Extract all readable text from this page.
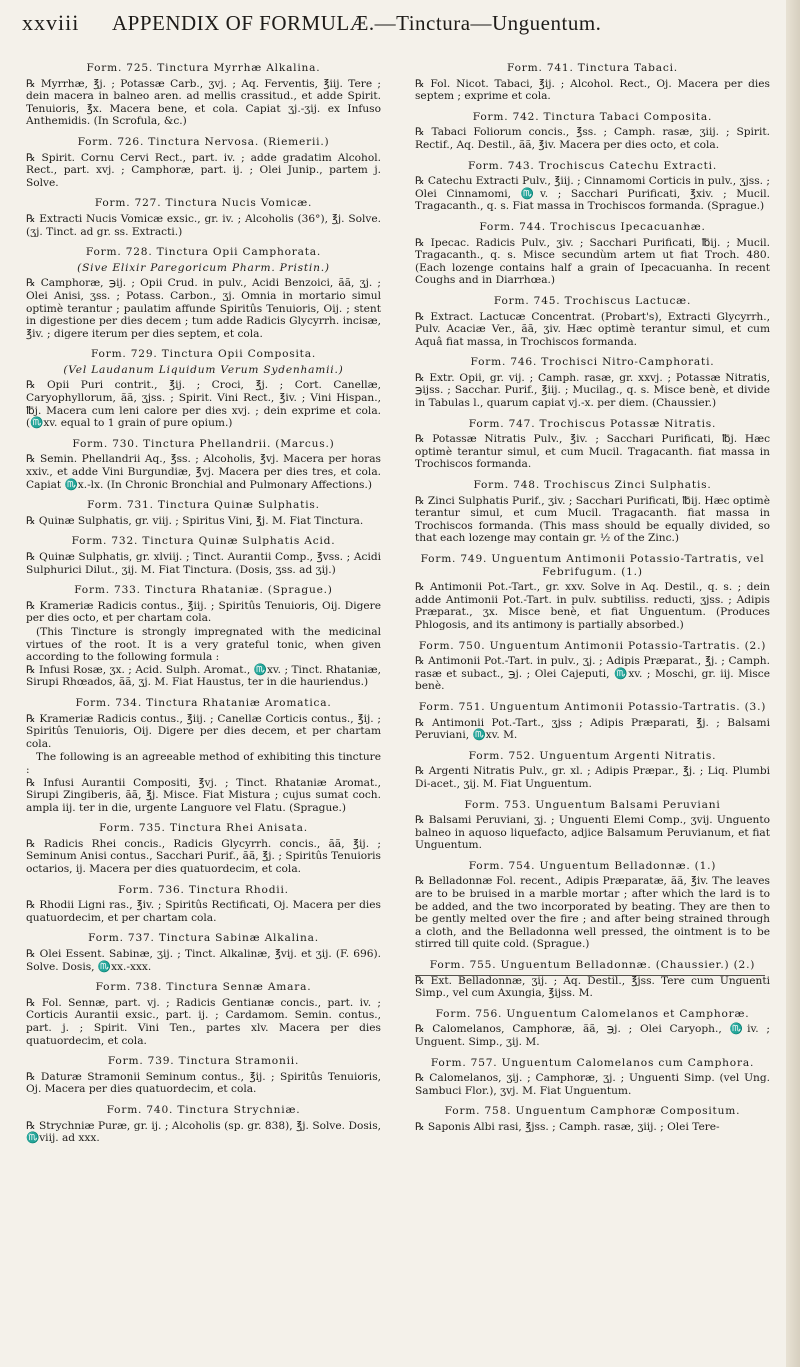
xxviii APPENDIX OF FORMULÆ.—Tinctura—Unguentum.
Form. 725. Tinctura Myrrhæ Alkalina.
℞ Myrrhæ, ℥j. ; Potassæ Carb., ʒvj. ; Aq. Ferventis, ℥iij. Tere ; dein macera in balneo aren. ad mellis crassitud., et adde Spirit. Tenuioris, ℥x. Macera bene, et cola. Capiat ʒj.-ʒij. ex Infuso Anthemidis. (In Scrofula, &c.)
Form. 726. Tinctura Nervosa. (Riemerii.)
℞ Spirit. Cornu Cervi Rect., part. iv. ; adde gradatim Alcohol. Rect., part. xvj. ; Camphoræ, part. ij. ; Olei Junip., partem j. Solve.
Form. 727. Tinctura Nucis Vomicæ.
℞ Extracti Nucis Vomicæ exsic., gr. iv. ; Alcoholis (36°), ℥j. Solve. (ʒj. Tinct. ad gr. ss. Extracti.)
Form. 728. Tinctura Opii Camphorata.
(Sive Elixir Paregoricum Pharm. Pristin.)
℞ Camphoræ, ℈ij. ; Opii Crud. in pulv., Acidi Benzoici, ãã, ʒj. ; Olei Anisi, ʒss. ; Potass. Carbon., ʒj. Omnia in mortario simul optimè terantur ; paulatim affunde Spiritûs Tenuioris, Oij. ; stent in digestione per dies decem ; tum adde Radicis Glycyrrh. incisæ, ℥iv. ; digere iterum per dies septem, et cola.
Form. 729. Tinctura Opii Composita.
(Vel Laudanum Liquidum Verum Sydenhamii.)
℞ Opii Puri contrit., ℥ij. ; Croci, ℥j. ; Cort. Canellæ, Caryophyllorum, ãã, ʒjss. ; Spirit. Vini Rect., ℥iv. ; Vini Hispan., ℔j. Macera cum leni calore per dies xvj. ; dein exprime et cola. (♏xv. equal to 1 grain of pure opium.)
Form. 730. Tinctura Phellandrii. (Marcus.)
℞ Semin. Phellandrii Aq., ℥ss. ; Alcoholis, ℥vj. Macera per horas xxiv., et adde Vini Burgundiæ, ℥vj. Macera per dies tres, et cola. Capiat ♏x.-lx. (In Chronic Bronchial and Pulmonary Affections.)
Form. 731. Tinctura Quinæ Sulphatis.
℞ Quinæ Sulphatis, gr. viij. ; Spiritus Vini, ℥j. M. Fiat Tinctura.
Form. 732. Tinctura Quinæ Sulphatis Acid.
℞ Quinæ Sulphatis, gr. xlviij. ; Tinct. Aurantii Comp., ℥vss. ; Acidi Sulphurici Dilut., ʒij. M. Fiat Tinctura. (Dosis, ʒss. ad ʒij.)
Form. 733. Tinctura Rhataniæ. (Sprague.)
℞ Krameriæ Radicis contus., ℥iij. ; Spiritûs Tenuioris, Oij. Digere per dies octo, et per chartam cola.
(This Tincture is strongly impregnated with the medicinal virtues of the root. It is a very grateful tonic, when given according to the following formula :
℞ Infusi Rosæ, ʒx. ; Acid. Sulph. Aromat., ♏xv. ; Tinct. Rhataniæ, Sirupi Rhœados, ãã, ʒj. M. Fiat Haustus, ter in die hauriendus.)
Form. 734. Tinctura Rhataniæ Aromatica.
℞ Krameriæ Radicis contus., ℥iij. ; Canellæ Corticis contus., ℥ij. ; Spiritûs Tenuioris, Oij. Digere per dies decem, et per chartam cola.
The following is an agreeable method of exhibiting this tincture :
℞ Infusi Aurantii Compositi, ℥vj. ; Tinct. Rhataniæ Aromat., Sirupi Zingiberis, ãã, ℥j. Misce. Fiat Mistura ; cujus sumat coch. ampla iij. ter in die, urgente Languore vel Flatu. (Sprague.)
Form. 735. Tinctura Rhei Anisata.
℞ Radicis Rhei concis., Radicis Glycyrrh. concis., ãã, ℥ij. ; Seminum Anisi contus., Sacchari Purif., ãã, ℥j. ; Spiritûs Tenuioris octarios, ij. Macera per dies quatuordecim, et cola.
Form. 736. Tinctura Rhodii.
℞ Rhodii Ligni ras., ℥iv. ; Spiritûs Rectificati, Oj. Macera per dies quatuordecim, et per chartam cola.
Form. 737. Tinctura Sabinæ Alkalina.
℞ Olei Essent. Sabinæ, ʒij. ; Tinct. Alkalinæ, ℥vij. et ʒij. (F. 696). Solve. Dosis, ♏xx.-xxx.
Form. 738. Tinctura Sennæ Amara.
℞ Fol. Sennæ, part. vj. ; Radicis Gentianæ concis., part. iv. ; Corticis Aurantii exsic., part. ij. ; Cardamom. Semin. contus., part. j. ; Spirit. Vini Ten., partes xlv. Macera per dies quatuordecim, et cola.
Form. 739. Tinctura Stramonii.
℞ Daturæ Stramonii Seminum contus., ℥ij. ; Spiritûs Tenuioris, Oj. Macera per dies quatuordecim, et cola.
Form. 740. Tinctura Strychniæ.
℞ Strychniæ Puræ, gr. ij. ; Alcoholis (sp. gr. 838), ℥j. Solve. Dosis, ♏viij. ad xxx.
Form. 741. Tinctura Tabaci.
℞ Fol. Nicot. Tabaci, ℥ij. ; Alcohol. Rect., Oj. Macera per dies septem ; exprime et cola.
Form. 742. Tinctura Tabaci Composita.
℞ Tabaci Foliorum concis., ℥ss. ; Camph. rasæ, ʒiij. ; Spirit. Rectif., Aq. Destil., ãã, ℥iv. Macera per dies octo, et cola.
Form. 743. Trochiscus Catechu Extracti.
℞ Catechu Extracti Pulv., ℥iij. ; Cinnamomi Corticis in pulv., ʒjss. ; Olei Cinnamomi, ♏v. ; Sacchari Purificati, ℥xiv. ; Mucil. Tragacanth., q. s. Fiat massa in Trochiscos formanda. (Sprague.)
Form. 744. Trochiscus Ipecacuanhæ.
℞ Ipecac. Radicis Pulv., ʒiv. ; Sacchari Purificati, ℔ij. ; Mucil. Tragacanth., q. s. Misce secundùm artem ut fiat Troch. 480. (Each lozenge contains half a grain of Ipecacuanha. In recent Coughs and in Diarrhœa.)
Form. 745. Trochiscus Lactucæ.
℞ Extract. Lactucæ Concentrat. (Probart's), Extracti Glycyrrh., Pulv. Acaciæ Ver., ãã, ʒiv. Hæc optimè terantur simul, et cum Aquâ fiat massa, in Trochiscos formanda.
Form. 746. Trochisci Nitro-Camphorati.
℞ Extr. Opii, gr. vij. ; Camph. rasæ, gr. xxvj. ; Potassæ Nitratis, ℈ijss. ; Sacchar. Purif., ℥iij. ; Mucilag., q. s. Misce benè, et divide in Tabulas l., quarum capiat vj.-x. per diem. (Chaussier.)
Form. 747. Trochiscus Potassæ Nitratis.
℞ Potassæ Nitratis Pulv., ℥iv. ; Sacchari Purificati, ℔j. Hæc optimè terantur simul, et cum Mucil. Tragacanth. fiat massa in Trochiscos formanda.
Form. 748. Trochiscus Zinci Sulphatis.
℞ Zinci Sulphatis Purif., ʒiv. ; Sacchari Purificati, ℔ij. Hæc optimè terantur simul, et cum Mucil. Tragacanth. fiat massa in Trochiscos formanda. (This mass should be equally divided, so that each lozenge may contain gr. ½ of the Zinc.)
Form. 749. Unguentum Antimonii Potassio-Tartratis, vel Febrifugum. (1.)
℞ Antimonii Pot.-Tart., gr. xxv. Solve in Aq. Destil., q. s. ; dein adde Antimonii Pot.-Tart. in pulv. subtiliss. reducti, ʒjss. ; Adipis Præparat., ʒx. Misce benè, et fiat Unguentum. (Produces Phlogosis, and its antimony is partially absorbed.)
Form. 750. Unguentum Antimonii Potassio-Tartratis. (2.)
℞ Antimonii Pot.-Tart. in pulv., ʒj. ; Adipis Præparat., ℥j. ; Camph. rasæ et subact., ℈j. ; Olei Cajeputi, ♏xv. ; Moschi, gr. iij. Misce benè.
Form. 751. Unguentum Antimonii Potassio-Tartratis. (3.)
℞ Antimonii Pot.-Tart., ʒjss ; Adipis Præparati, ℥j. ; Balsami Peruviani, ♏xv. M.
Form. 752. Unguentum Argenti Nitratis.
℞ Argenti Nitratis Pulv., gr. xl. ; Adipis Præpar., ℥j. ; Liq. Plumbi Di-acet., ʒij. M. Fiat Unguentum.
Form. 753. Unguentum Balsami Peruviani
℞ Balsami Peruviani, ʒj. ; Unguenti Elemi Comp., ʒvij. Unguento balneo in aquoso liquefacto, adjice Balsamum Peruvianum, et fiat Unguentum.
Form. 754. Unguentum Belladonnæ. (1.)
℞ Belladonnæ Fol. recent., Adipis Præparatæ, ãã, ℥iv. The leaves are to be bruised in a marble mortar ; after which the lard is to be added, and the two incorporated by beating. They are then to be gently melted over the fire ; and after being strained through a cloth, and the Belladonna well pressed, the ointment is to be stirred till quite cold. (Sprague.)
Form. 755. Unguentum Belladonnæ. (Chaussier.) (2.)
℞ Ext. Belladonnæ, ʒij. ; Aq. Destil., ℥jss. Tere cum Unguenti Simp., vel cum Axungia, ℥ijss. M.
Form. 756. Unguentum Calomelanos et Camphoræ.
℞ Calomelanos, Camphoræ, ãã, ℈j. ; Olei Caryoph., ♏iv. ; Unguent. Simp., ʒij. M.
Form. 757. Unguentum Calomelanos cum Camphora.
℞ Calomelanos, ʒij. ; Camphoræ, ʒj. ; Unguenti Simp. (vel Ung. Sambuci Flor.), ʒvj. M. Fiat Unguentum.
Form. 758. Unguentum Camphoræ Compositum.
℞ Saponis Albi rasi, ℥jss. ; Camph. rasæ, ʒiij. ; Olei Tere-
